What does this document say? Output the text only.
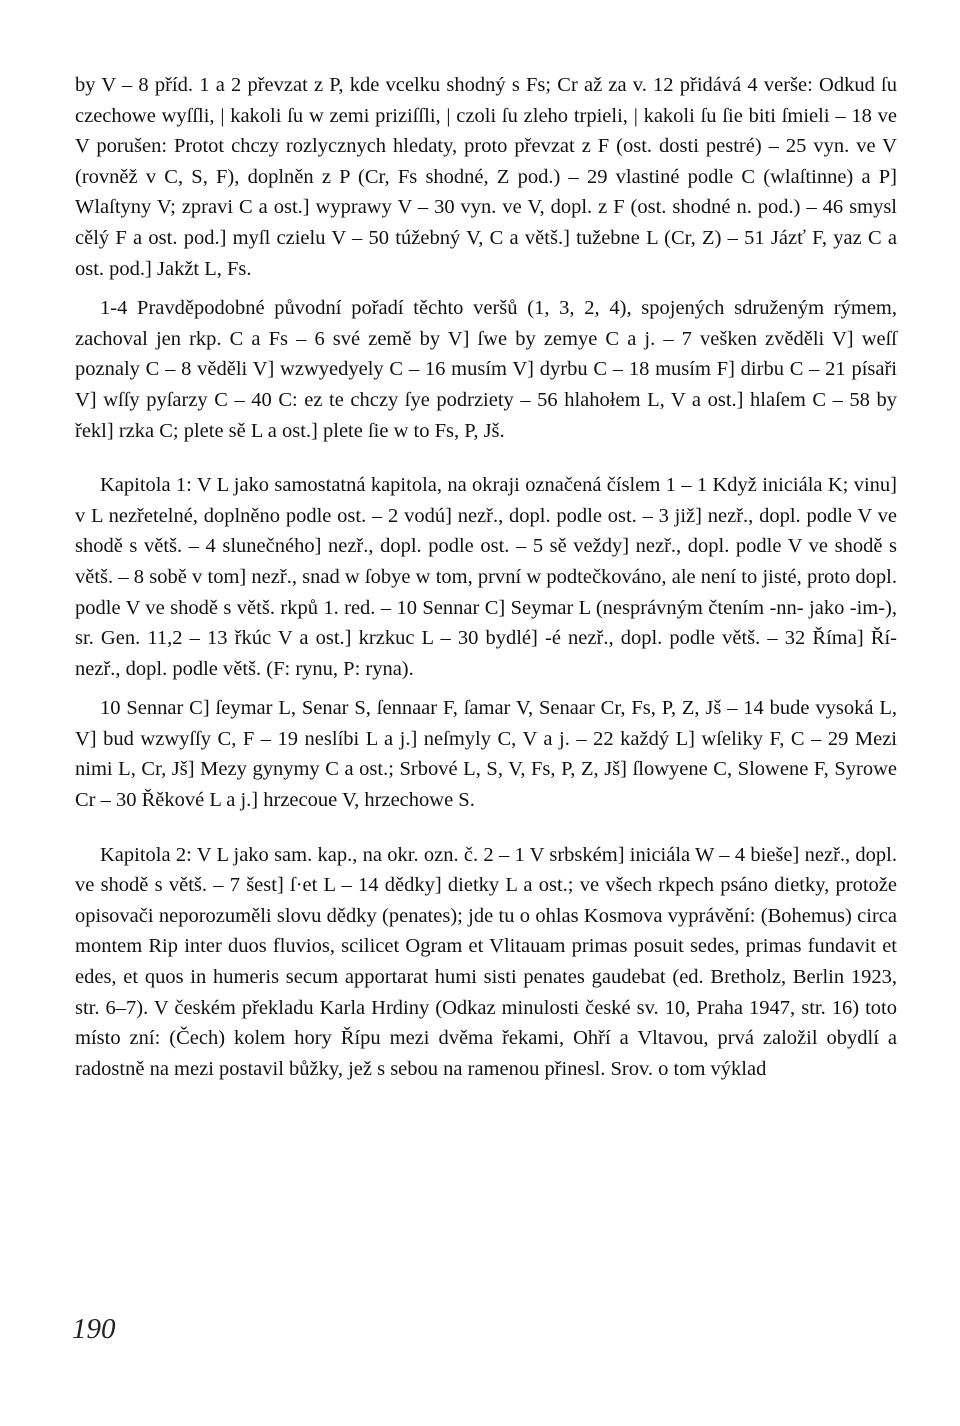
by V – 8 příd. 1 a 2 převzat z P, kde vcelku shodný s Fs; Cr až za v. 12 přidává 4 verše: Odkud ſu czechowe wyſſli, | kakoli ſu w zemi priziſſli, | czoli ſu zleho trpieli, | kakoli ſu ſie biti ſmieli – 18 ve V porušen: Protot chczy rozlycznych hledaty, proto převzat z F (ost. dosti pestré) – 25 vyn. ve V (rovněž v C, S, F), doplněn z P (Cr, Fs shodné, Z pod.) – 29 vlastiné podle C (wlaſtinne) a P] Wlaſtyny V; zpravi C a ost.] wyprawy V – 30 vyn. ve V, dopl. z F (ost. shodné n. pod.) – 46 smysl cělý F a ost. pod.] myſl czielu V – 50 túžebný V, C a větš.] tužebne L (Cr, Z) – 51 Jázť F, yaz C a ost. pod.] Jakžt L, Fs.

1-4 Pravděpodobné původní pořadí těchto veršů (1, 3, 2, 4), spojených sdruženým rýmem, zachoval jen rkp. C a Fs – 6 své země by V] ſwe by zemye C a j. – 7 vešken zvěděli V] weſſ poznaly C – 8 věděli V] wzwyedyely C – 16 musím V] dyrbu C – 18 musím F] dirbu C – 21 písaři V] wſſy pyſarzy C – 40 C: ez te chczy ſye podrziety – 56 hlahołem L, V a ost.] hlaſem C – 58 by řekl] rzka C; plete sě L a ost.] plete ſie w to Fs, P, Jš.

Kapitola 1: V L jako samostatná kapitola, na okraji označená číslem 1 – 1 Když iniciála K; vinu] v L nezřetelné, doplněno podle ost. – 2 vodú] nezř., dopl. podle ost. – 3 již] nezř., dopl. podle V ve shodě s větš. – 4 slunečného] nezř., dopl. podle ost. – 5 sě veždy] nezř., dopl. podle V ve shodě s větš. – 8 sobě v tom] nezř., snad w ſobye w tom, první w podtečkováno, ale není to jisté, proto dopl. podle V ve shodě s větš. rkpů 1. red. – 10 Sennar C] Seymar L (nesprávným čtením -nn- jako -im-), sr. Gen. 11,2 – 13 řkúc V a ost.] krzkuc L – 30 bydlé] -é nezř., dopl. podle větš. – 32 Říma] Ří- nezř., dopl. podle větš. (F: rynu, P: ryna).

10 Sennar C] ſeymar L, Senar S, ſennaar F, ſamar V, Senaar Cr, Fs, P, Z, Jš – 14 bude vysoká L, V] bud wzwyſſy C, F – 19 neslíbi L a j.] neſmyly C, V a j. – 22 každý L] wſeliky F, C – 29 Mezi nimi L, Cr, Jš] Mezy gynymy C a ost.; Srbové L, S, V, Fs, P, Z, Jš] ſlowyene C, Slowene F, Syrowe Cr – 30 Řěkové L a j.] hrzecoue V, hrzechowe S.

Kapitola 2: V L jako sam. kap., na okr. ozn. č. 2 – 1 V srbském] iniciála W – 4 bieše] nezř., dopl. ve shodě s větš. – 7 šest] ſ·et L – 14 dědky] dietky L a ost.; ve všech rkpech psáno dietky, protože opisovači neporozuměli slovu dědky (penates); jde tu o ohlas Kosmova vyprávění: (Bohemus) circa montem Rip inter duos fluvios, scilicet Ogram et Vlitauam primas posuit sedes, primas fundavit et edes, et quos in humeris secum apportarat humi sisti penates gaudebat (ed. Bretholz, Berlin 1923, str. 6–7). V českém překladu Karla Hrdiny (Odkaz minulosti české sv. 10, Praha 1947, str. 16) toto místo zní: (Čech) kolem hory Řípu mezi dvěma řekami, Ohří a Vltavou, prvá založil obydlí a radostně na mezi postavil bůžky, jež s sebou na ramenou přinesl. Srov. o tom výklad

190
